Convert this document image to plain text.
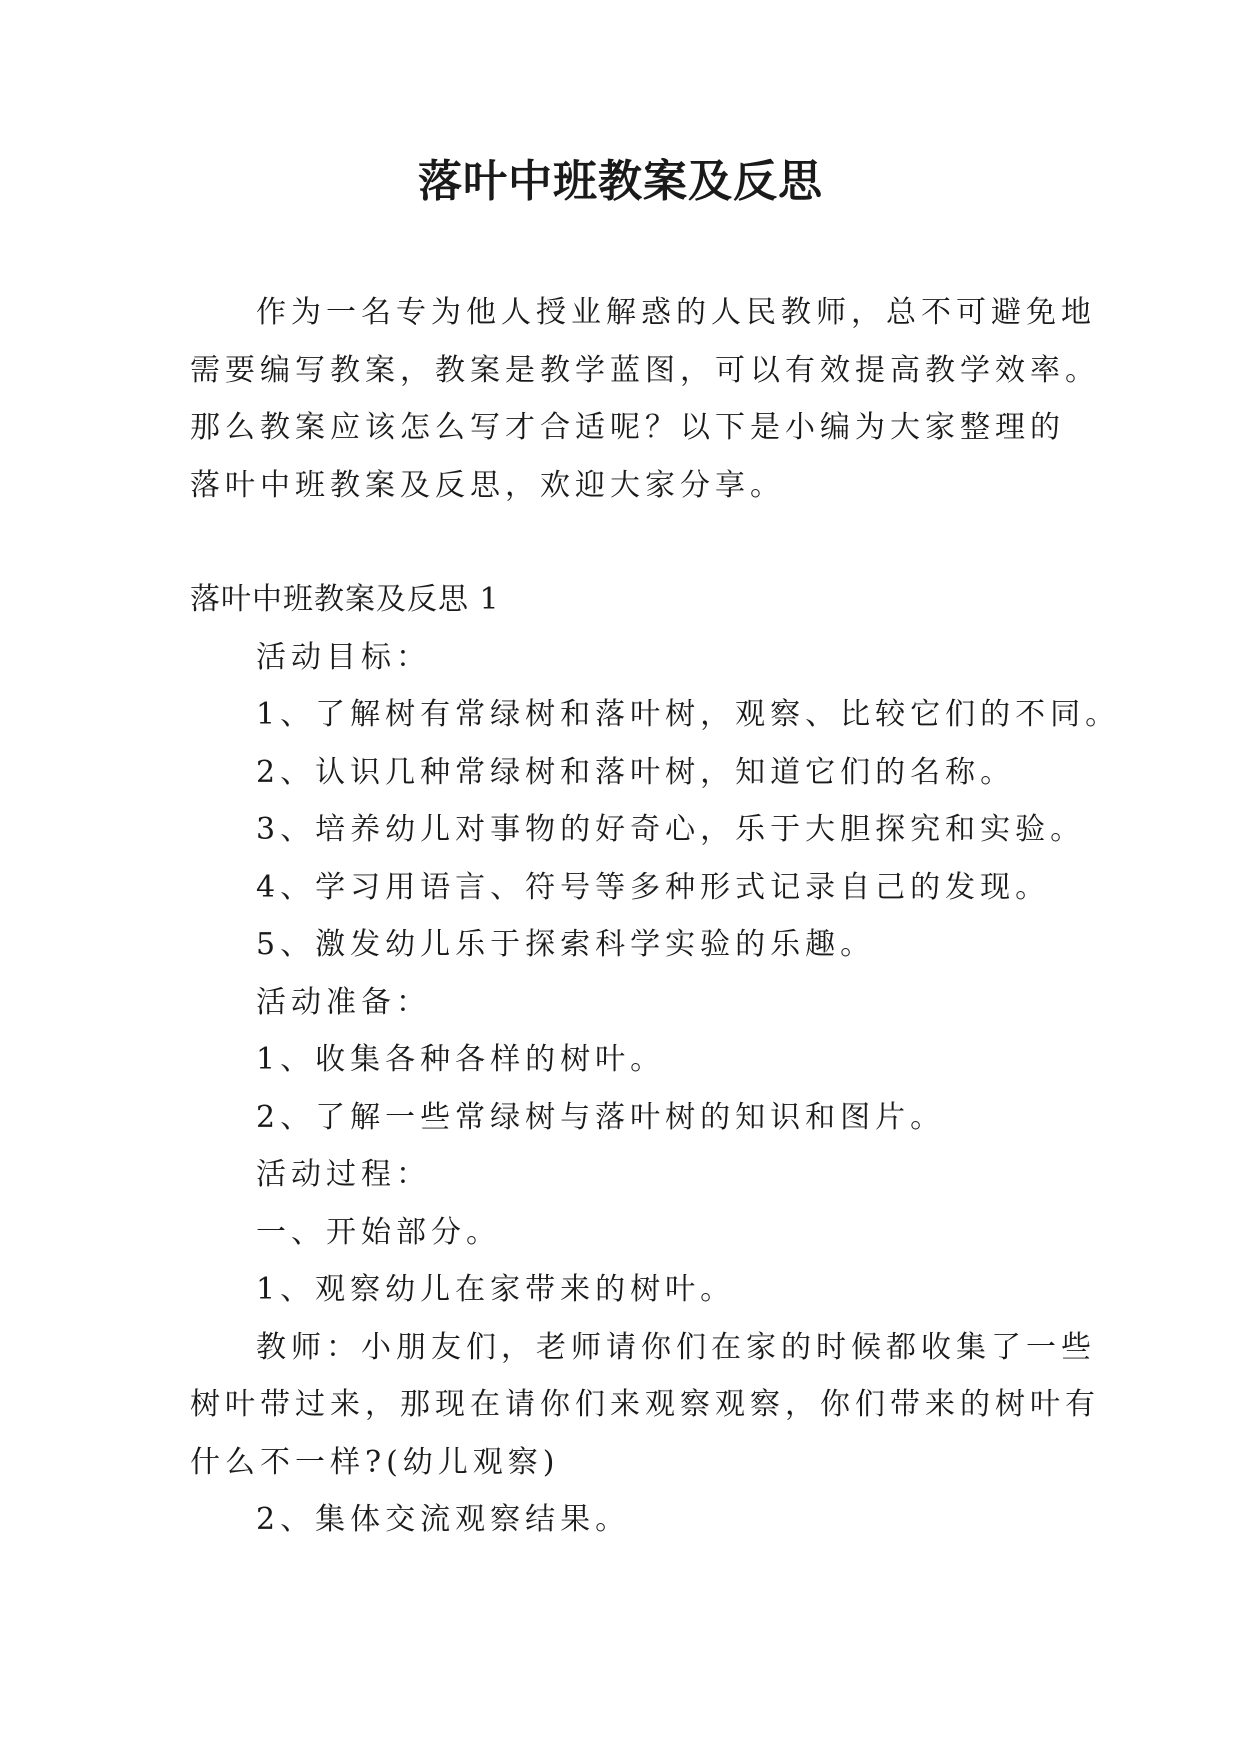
落叶中班教案及反思

作为一名专为他人授业解惑的人民教师，总不可避免地

需要编写教案，教案是教学蓝图，可以有效提高教学效率。

那么教案应该怎么写才合适呢？以下是小编为大家整理的

落叶中班教案及反思，欢迎大家分享。

落叶中班教案及反思 1

活动目标：

1、了解树有常绿树和落叶树，观察、比较它们的不同。

2、认识几种常绿树和落叶树，知道它们的名称。

3、培养幼儿对事物的好奇心，乐于大胆探究和实验。

4、学习用语言、符号等多种形式记录自己的发现。

5、激发幼儿乐于探索科学实验的乐趣。

活动准备：

1、收集各种各样的树叶。

2、了解一些常绿树与落叶树的知识和图片。

活动过程：

一、开始部分。

1、观察幼儿在家带来的树叶。

教师：小朋友们，老师请你们在家的时候都收集了一些

树叶带过来，那现在请你们来观察观察，你们带来的树叶有

什么不一样?(幼儿观察)

2、集体交流观察结果。
